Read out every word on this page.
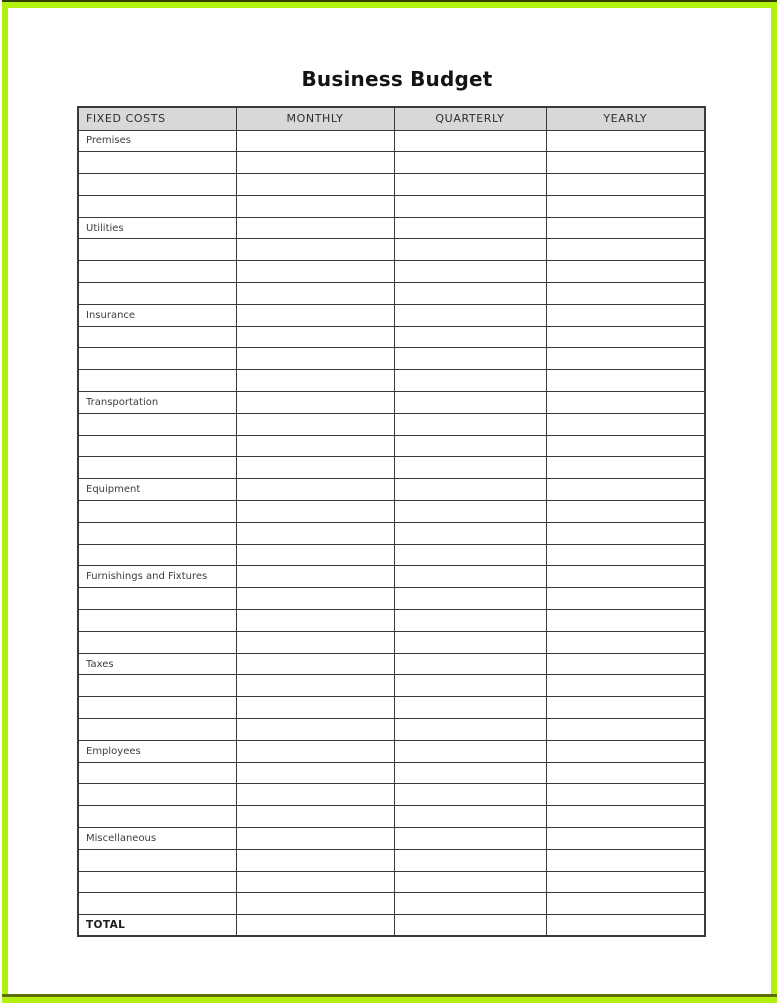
Business Budget
FIXED COSTS	MONTHLY	QUARTERLY	YEARLY
Premises			

Utilities			

Insurance			

Transportation			

Equipment			

Furnishings and Fixtures			

Taxes			

Employees			

Miscellaneous			

TOTAL			
